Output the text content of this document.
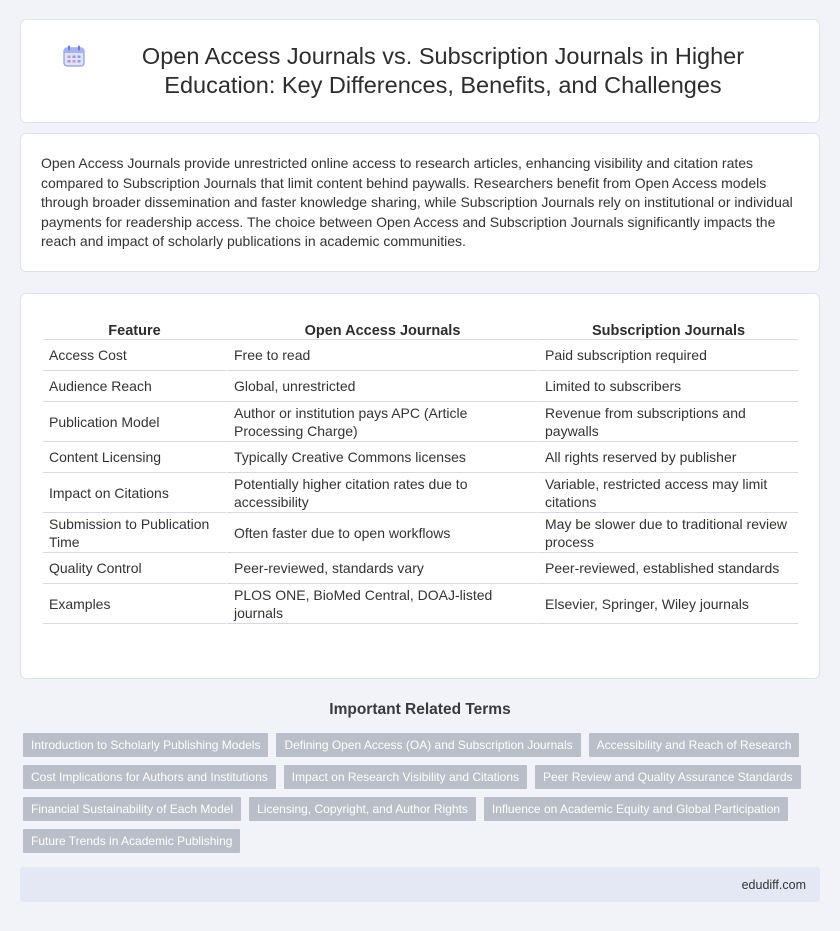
Open Access Journals vs. Subscription Journals in Higher Education: Key Differences, Benefits, and Challenges

Open Access Journals provide unrestricted online access to research articles, enhancing visibility and citation rates compared to Subscription Journals that limit content behind paywalls. Researchers benefit from Open Access models through broader dissemination and faster knowledge sharing, while Subscription Journals rely on institutional or individual payments for readership access. The choice between Open Access and Subscription Journals significantly impacts the reach and impact of scholarly publications in academic communities.

Feature	Open Access Journals	Subscription Journals
Access Cost	Free to read	Paid subscription required
Audience Reach	Global, unrestricted	Limited to subscribers
Publication Model	Author or institution pays APC (Article Processing Charge)	Revenue from subscriptions and paywalls
Content Licensing	Typically Creative Commons licenses	All rights reserved by publisher
Impact on Citations	Potentially higher citation rates due to accessibility	Variable, restricted access may limit citations
Submission to Publication Time	Often faster due to open workflows	May be slower due to traditional review process
Quality Control	Peer-reviewed, standards vary	Peer-reviewed, established standards
Examples	PLOS ONE, BioMed Central, DOAJ-listed journals	Elsevier, Springer, Wiley journals
Important Related Terms
Introduction to Scholarly Publishing Models	Defining Open Access (OA) and Subscription Journals	Accessibility and Reach of Research
Cost Implications for Authors and Institutions	Impact on Research Visibility and Citations	Peer Review and Quality Assurance Standards
Financial Sustainability of Each Model	Licensing, Copyright, and Author Rights	Influence on Academic Equity and Global Participation
Future Trends in Academic Publishing
edudiff.com
